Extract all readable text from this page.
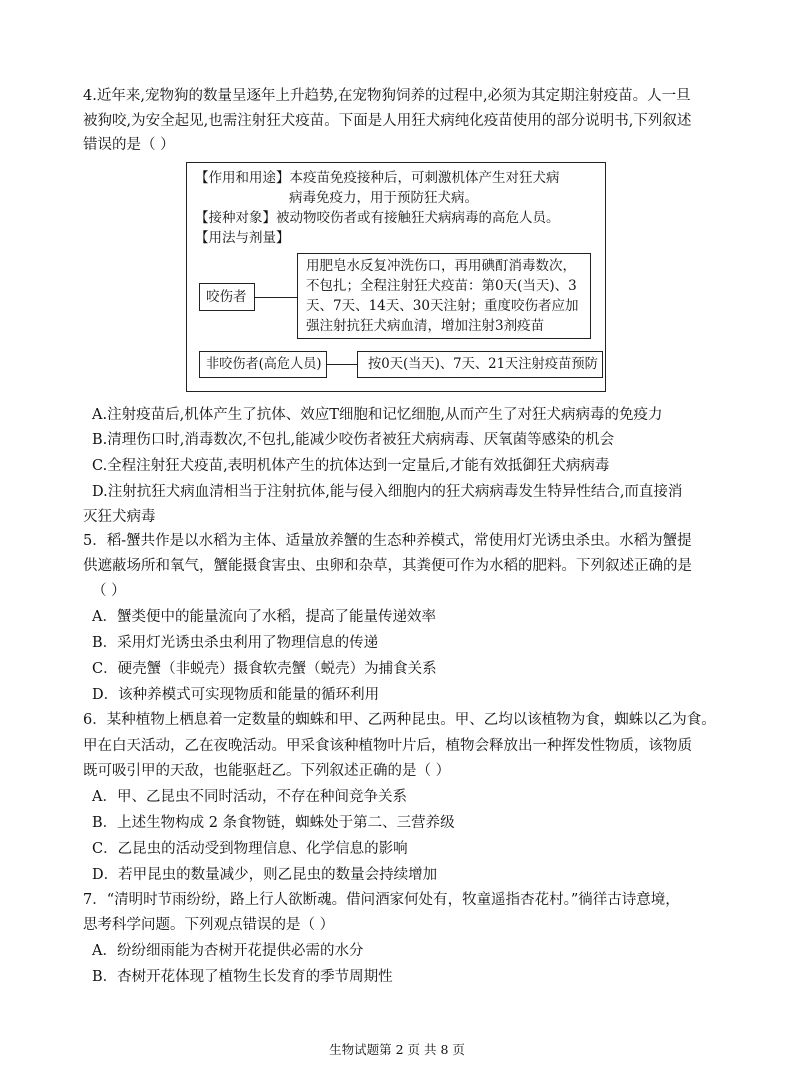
4.近年来,宠物狗的数量呈逐年上升趋势,在宠物狗饲养的过程中,必须为其定期注射疫苗。人一旦
被狗咬,为安全起见,也需注射狂犬疫苗。下面是人用狂犬病纯化疫苗使用的部分说明书,下列叙述
错误的是（ ）
【作用和用途】本疫苗免疫接种后，可刺激机体产生对狂犬病
病毒免疫力，用于预防狂犬病。
【接种对象】被动物咬伤者或有接触狂犬病病毒的高危人员。
【用法与剂量】
咬伤者
用肥皂水反复冲洗伤口，再用碘酊消毒数次，
不包扎；全程注射狂犬疫苗：第0天(当天)、3
天、7天、14天、30天注射；重度咬伤者应加
强注射抗狂犬病血清，增加注射3剂疫苗
非咬伤者(高危人员)	按0天(当天)、7天、21天注射疫苗预防
A.注射疫苗后,机体产生了抗体、效应T细胞和记忆细胞,从而产生了对狂犬病病毒的免疫力
B.清理伤口时,消毒数次,不包扎,能减少咬伤者被狂犬病病毒、厌氧菌等感染的机会
C.全程注射狂犬疫苗,表明机体产生的抗体达到一定量后,才能有效抵御狂犬病病毒
D.注射抗狂犬病血清相当于注射抗体,能与侵入细胞内的狂犬病病毒发生特异性结合,而直接消
灭狂犬病毒
5．稻-蟹共作是以水稻为主体、适量放养蟹的生态种养模式，常使用灯光诱虫杀虫。水稻为蟹提
供遮蔽场所和氧气，蟹能摄食害虫、虫卵和杂草，其粪便可作为水稻的肥料。下列叙述正确的是
（ ）
A．蟹类便中的能量流向了水稻，提高了能量传递效率
B．采用灯光诱虫杀虫利用了物理信息的传递
C．硬壳蟹（非蜕壳）摄食软壳蟹（蜕壳）为捕食关系
D．该种养模式可实现物质和能量的循环利用
6．某种植物上栖息着一定数量的蜘蛛和甲、乙两种昆虫。甲、乙均以该植物为食，蜘蛛以乙为食。
甲在白天活动，乙在夜晚活动。甲采食该种植物叶片后，植物会释放出一种挥发性物质，该物质
既可吸引甲的天敌，也能驱赶乙。下列叙述正确的是（ ）
A．甲、乙昆虫不同时活动，不存在种间竞争关系
B．上述生物构成 2 条食物链，蜘蛛处于第二、三营养级
C．乙昆虫的活动受到物理信息、化学信息的影响
D．若甲昆虫的数量减少，则乙昆虫的数量会持续增加
7．“清明时节雨纷纷，路上行人欲断魂。借问酒家何处有，牧童遥指杏花村。”徜徉古诗意境，
思考科学问题。下列观点错误的是（ ）
A．纷纷细雨能为杏树开花提供必需的水分
B．杏树开花体现了植物生长发育的季节周期性
生物试题第 2 页 共 8 页
